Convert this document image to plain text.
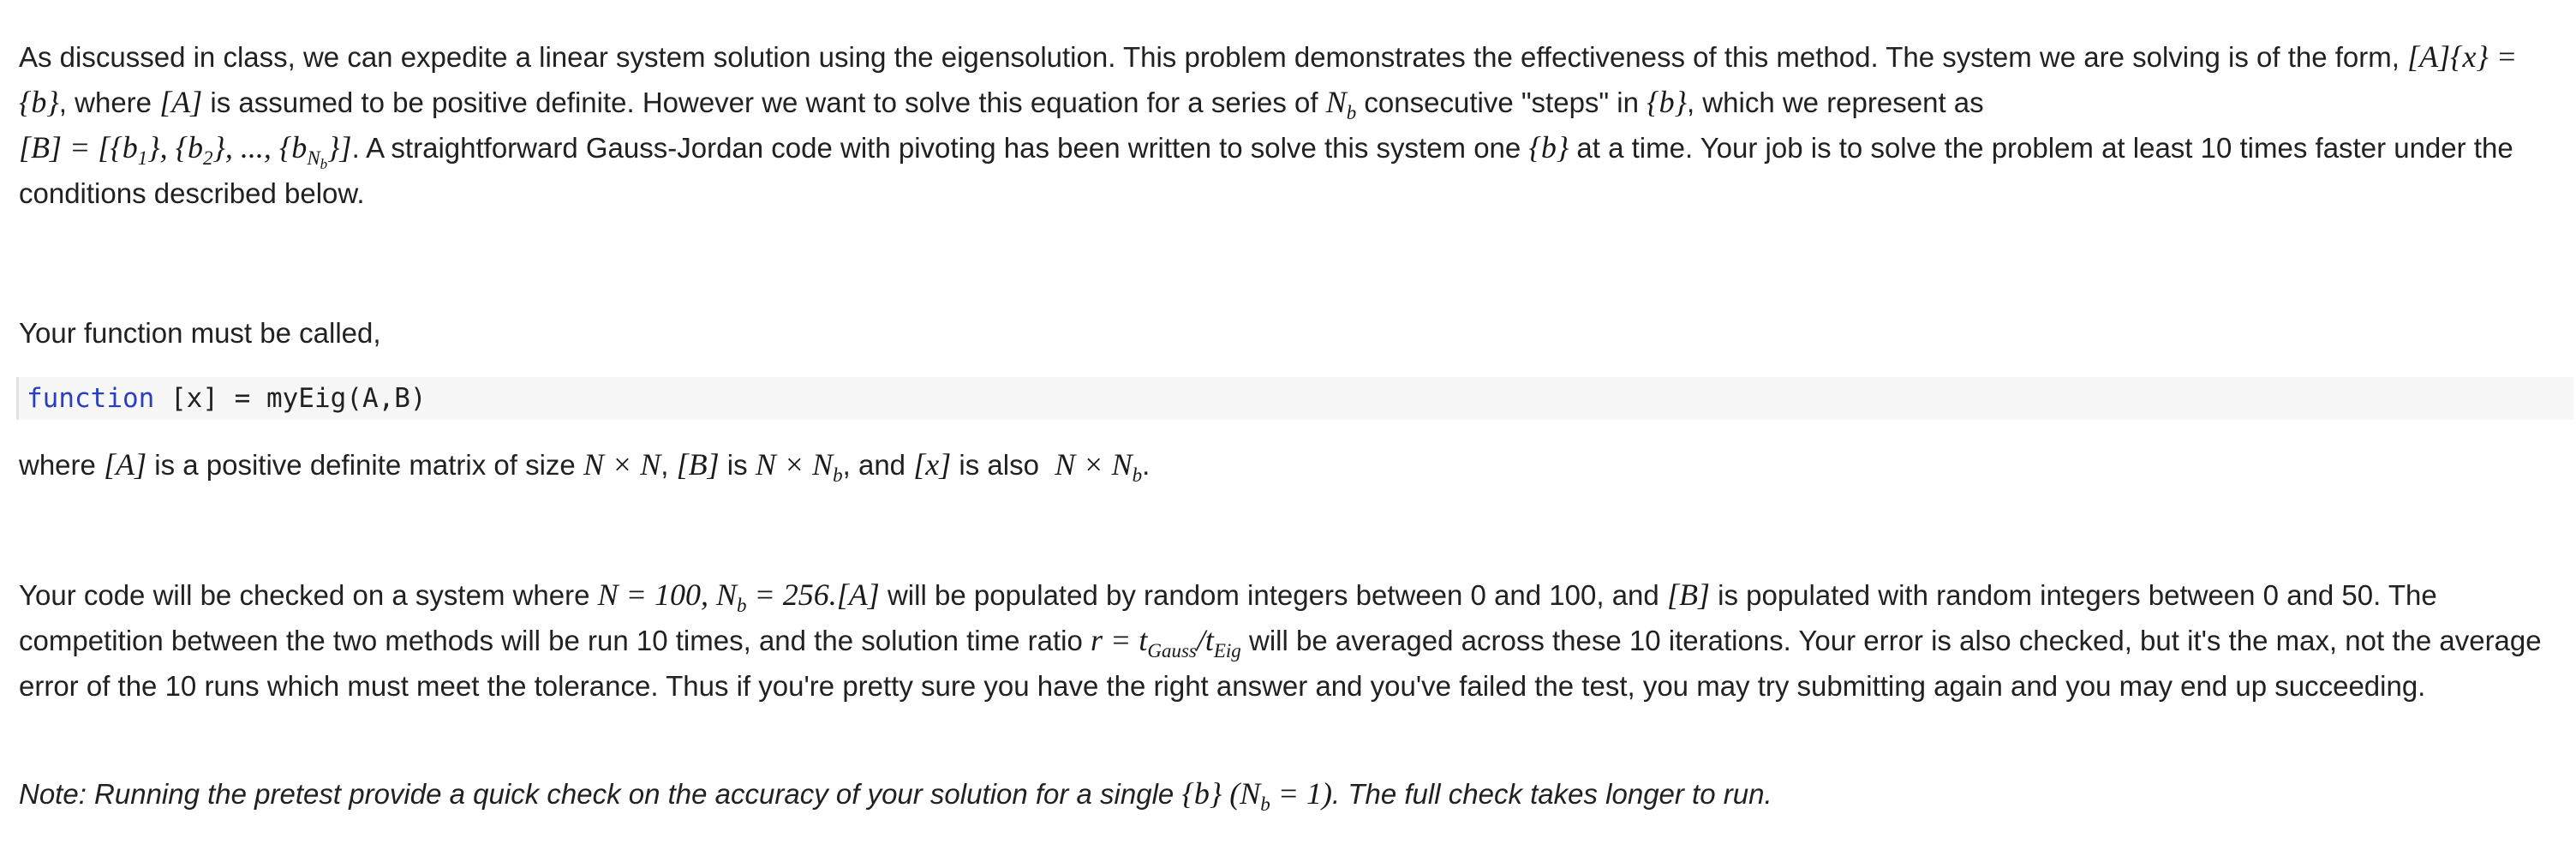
As discussed in class, we can expedite a linear system solution using the eigensolution. This problem demonstrates the effectiveness of this method. The system we are solving is of the form, [A]{x} = {b}, where [A] is assumed to be positive definite. However we want to solve this equation for a series of $N_b$ consecutive "steps" in {b}, which we represent as
$[B] = [\{b_1\}$, $\{b_2\}$, ..., $\{b_{N_b}\}$]. A straightforward Gauss-Jordan code with pivoting has been written to solve this system one {b} at a time. Your job is to solve the problem at least 10 times faster under the conditions described below.

Your function must be called,

function [x] = myEig(A,B)

where [A] is a positive definite matrix of size N × N, [B] is $N \times N_b$, and [x] is also  $N \times N_b$.

Your code will be checked on a system where N = 100, $N_b = 256.[A]$ will be populated by random integers between 0 and 100, and [B] is populated with random integers between 0 and 50. The competition between the two methods will be run 10 times, and the solution time ratio $r = t_{Gauss}/t_{Eig}$ will be averaged across these 10 iterations. Your error is also checked, but it's the max, not the average error of the 10 runs which must meet the tolerance. Thus if you're pretty sure you have the right answer and you've failed the test, you may try submitting again and you may end up succeeding.

Note: Running the pretest provide a quick check on the accuracy of your solution for a single {b} $(N_b = 1)$. The full check takes longer to run.
